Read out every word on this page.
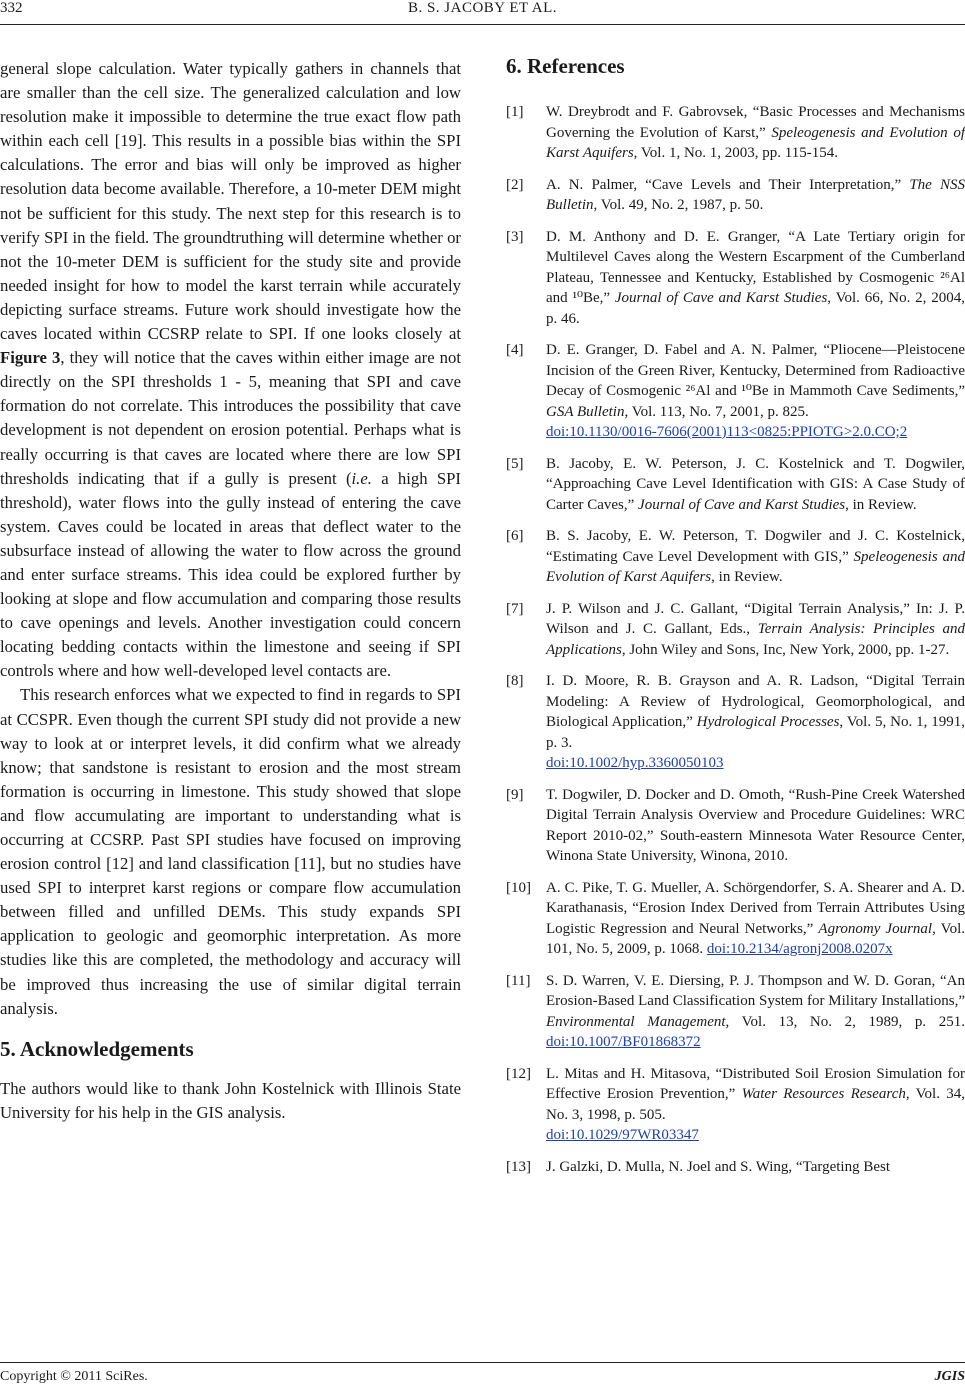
332	B. S. JACOBY ET AL.

general slope calculation. Water typically gathers in channels that are smaller than the cell size. The generalized calculation and low resolution make it impossible to determine the true exact flow path within each cell [19]. This results in a possible bias within the SPI calculations. The error and bias will only be improved as higher resolution data become available. Therefore, a 10-meter DEM might not be sufficient for this study. The next step for this research is to verify SPI in the field. The groundtruthing will determine whether or not the 10-meter DEM is sufficient for the study site and provide needed insight for how to model the karst terrain while accurately depicting surface streams. Future work should investigate how the caves located within CCSRP relate to SPI. If one looks closely at Figure 3, they will notice that the caves within either image are not directly on the SPI thresholds 1 - 5, meaning that SPI and cave formation do not correlate. This introduces the possibility that cave development is not dependent on erosion potential. Perhaps what is really occurring is that caves are located where there are low SPI thresholds indicating that if a gully is present (i.e. a high SPI threshold), water flows into the gully instead of entering the cave system. Caves could be located in areas that deflect water to the subsurface instead of allowing the water to flow across the ground and enter surface streams. This idea could be explored further by looking at slope and flow accumulation and comparing those results to cave openings and levels. Another investigation could concern locating bedding contacts within the limestone and seeing if SPI controls where and how well-developed level contacts are.

This research enforces what we expected to find in regards to SPI at CCSPR. Even though the current SPI study did not provide a new way to look at or interpret levels, it did confirm what we already know; that sandstone is resistant to erosion and the most stream formation is occurring in limestone. This study showed that slope and flow accumulating are important to understanding what is occurring at CCSRP. Past SPI studies have focused on improving erosion control [12] and land classification [11], but no studies have used SPI to interpret karst regions or compare flow accumulation between filled and unfilled DEMs. This study expands SPI application to geologic and geomorphic interpretation. As more studies like this are completed, the methodology and accuracy will be improved thus increasing the use of similar digital terrain analysis.

5. Acknowledgements

The authors would like to thank John Kostelnick with Illinois State University for his help in the GIS analysis.

6. References
[1]	W. Dreybrodt and F. Gabrovsek, “Basic Processes and Mechanisms Governing the Evolution of Karst,” Speleogenesis and Evolution of Karst Aquifers, Vol. 1, No. 1, 2003, pp. 115-154.
[2]	A. N. Palmer, “Cave Levels and Their Interpretation,” The NSS Bulletin, Vol. 49, No. 2, 1987, p. 50.
[3]	D. M. Anthony and D. E. Granger, “A Late Tertiary origin for Multilevel Caves along the Western Escarpment of the Cumberland Plateau, Tennessee and Kentucky, Established by Cosmogenic ²⁶Al and ¹⁰Be,” Journal of Cave and Karst Studies, Vol. 66, No. 2, 2004, p. 46.
[4]	D. E. Granger, D. Fabel and A. N. Palmer, “Pliocene—Pleistocene Incision of the Green River, Kentucky, Determined from Radioactive Decay of Cosmogenic ²⁶Al and ¹⁰Be in Mammoth Cave Sediments,” GSA Bulletin, Vol. 113, No. 7, 2001, p. 825.
doi:10.1130/0016-7606(2001)113<0825:PPIOTG>2.0.CO;2
[5]	B. Jacoby, E. W. Peterson, J. C. Kostelnick and T. Dogwiler, “Approaching Cave Level Identification with GIS: A Case Study of Carter Caves,” Journal of Cave and Karst Studies, in Review.
[6]	B. S. Jacoby, E. W. Peterson, T. Dogwiler and J. C. Kostelnick, “Estimating Cave Level Development with GIS,” Speleogenesis and Evolution of Karst Aquifers, in Review.
[7]	J. P. Wilson and J. C. Gallant, “Digital Terrain Analysis,” In: J. P. Wilson and J. C. Gallant, Eds., Terrain Analysis: Principles and Applications, John Wiley and Sons, Inc, New York, 2000, pp. 1-27.
[8]	I. D. Moore, R. B. Grayson and A. R. Ladson, “Digital Terrain Modeling: A Review of Hydrological, Geomorphological, and Biological Application,” Hydrological Processes, Vol. 5, No. 1, 1991, p. 3.
doi:10.1002/hyp.3360050103
[9]	T. Dogwiler, D. Docker and D. Omoth, “Rush-Pine Creek Watershed Digital Terrain Analysis Overview and Procedure Guidelines: WRC Report 2010-02,” South-eastern Minnesota Water Resource Center, Winona State University, Winona, 2010.
[10]	A. C. Pike, T. G. Mueller, A. Schörgendorfer, S. A. Shearer and A. D. Karathanasis, “Erosion Index Derived from Terrain Attributes Using Logistic Regression and Neural Networks,” Agronomy Journal, Vol. 101, No. 5, 2009, p. 1068. doi:10.2134/agronj2008.0207x
[11]	S. D. Warren, V. E. Diersing, P. J. Thompson and W. D. Goran, “An Erosion-Based Land Classification System for Military Installations,” Environmental Management, Vol. 13, No. 2, 1989, p. 251. doi:10.1007/BF01868372
[12]	L. Mitas and H. Mitasova, “Distributed Soil Erosion Simulation for Effective Erosion Prevention,” Water Resources Research, Vol. 34, No. 3, 1998, p. 505.
doi:10.1029/97WR03347
[13]	J. Galzki, D. Mulla, N. Joel and S. Wing, “Targeting Best
Copyright © 2011 SciRes.	JGIS
